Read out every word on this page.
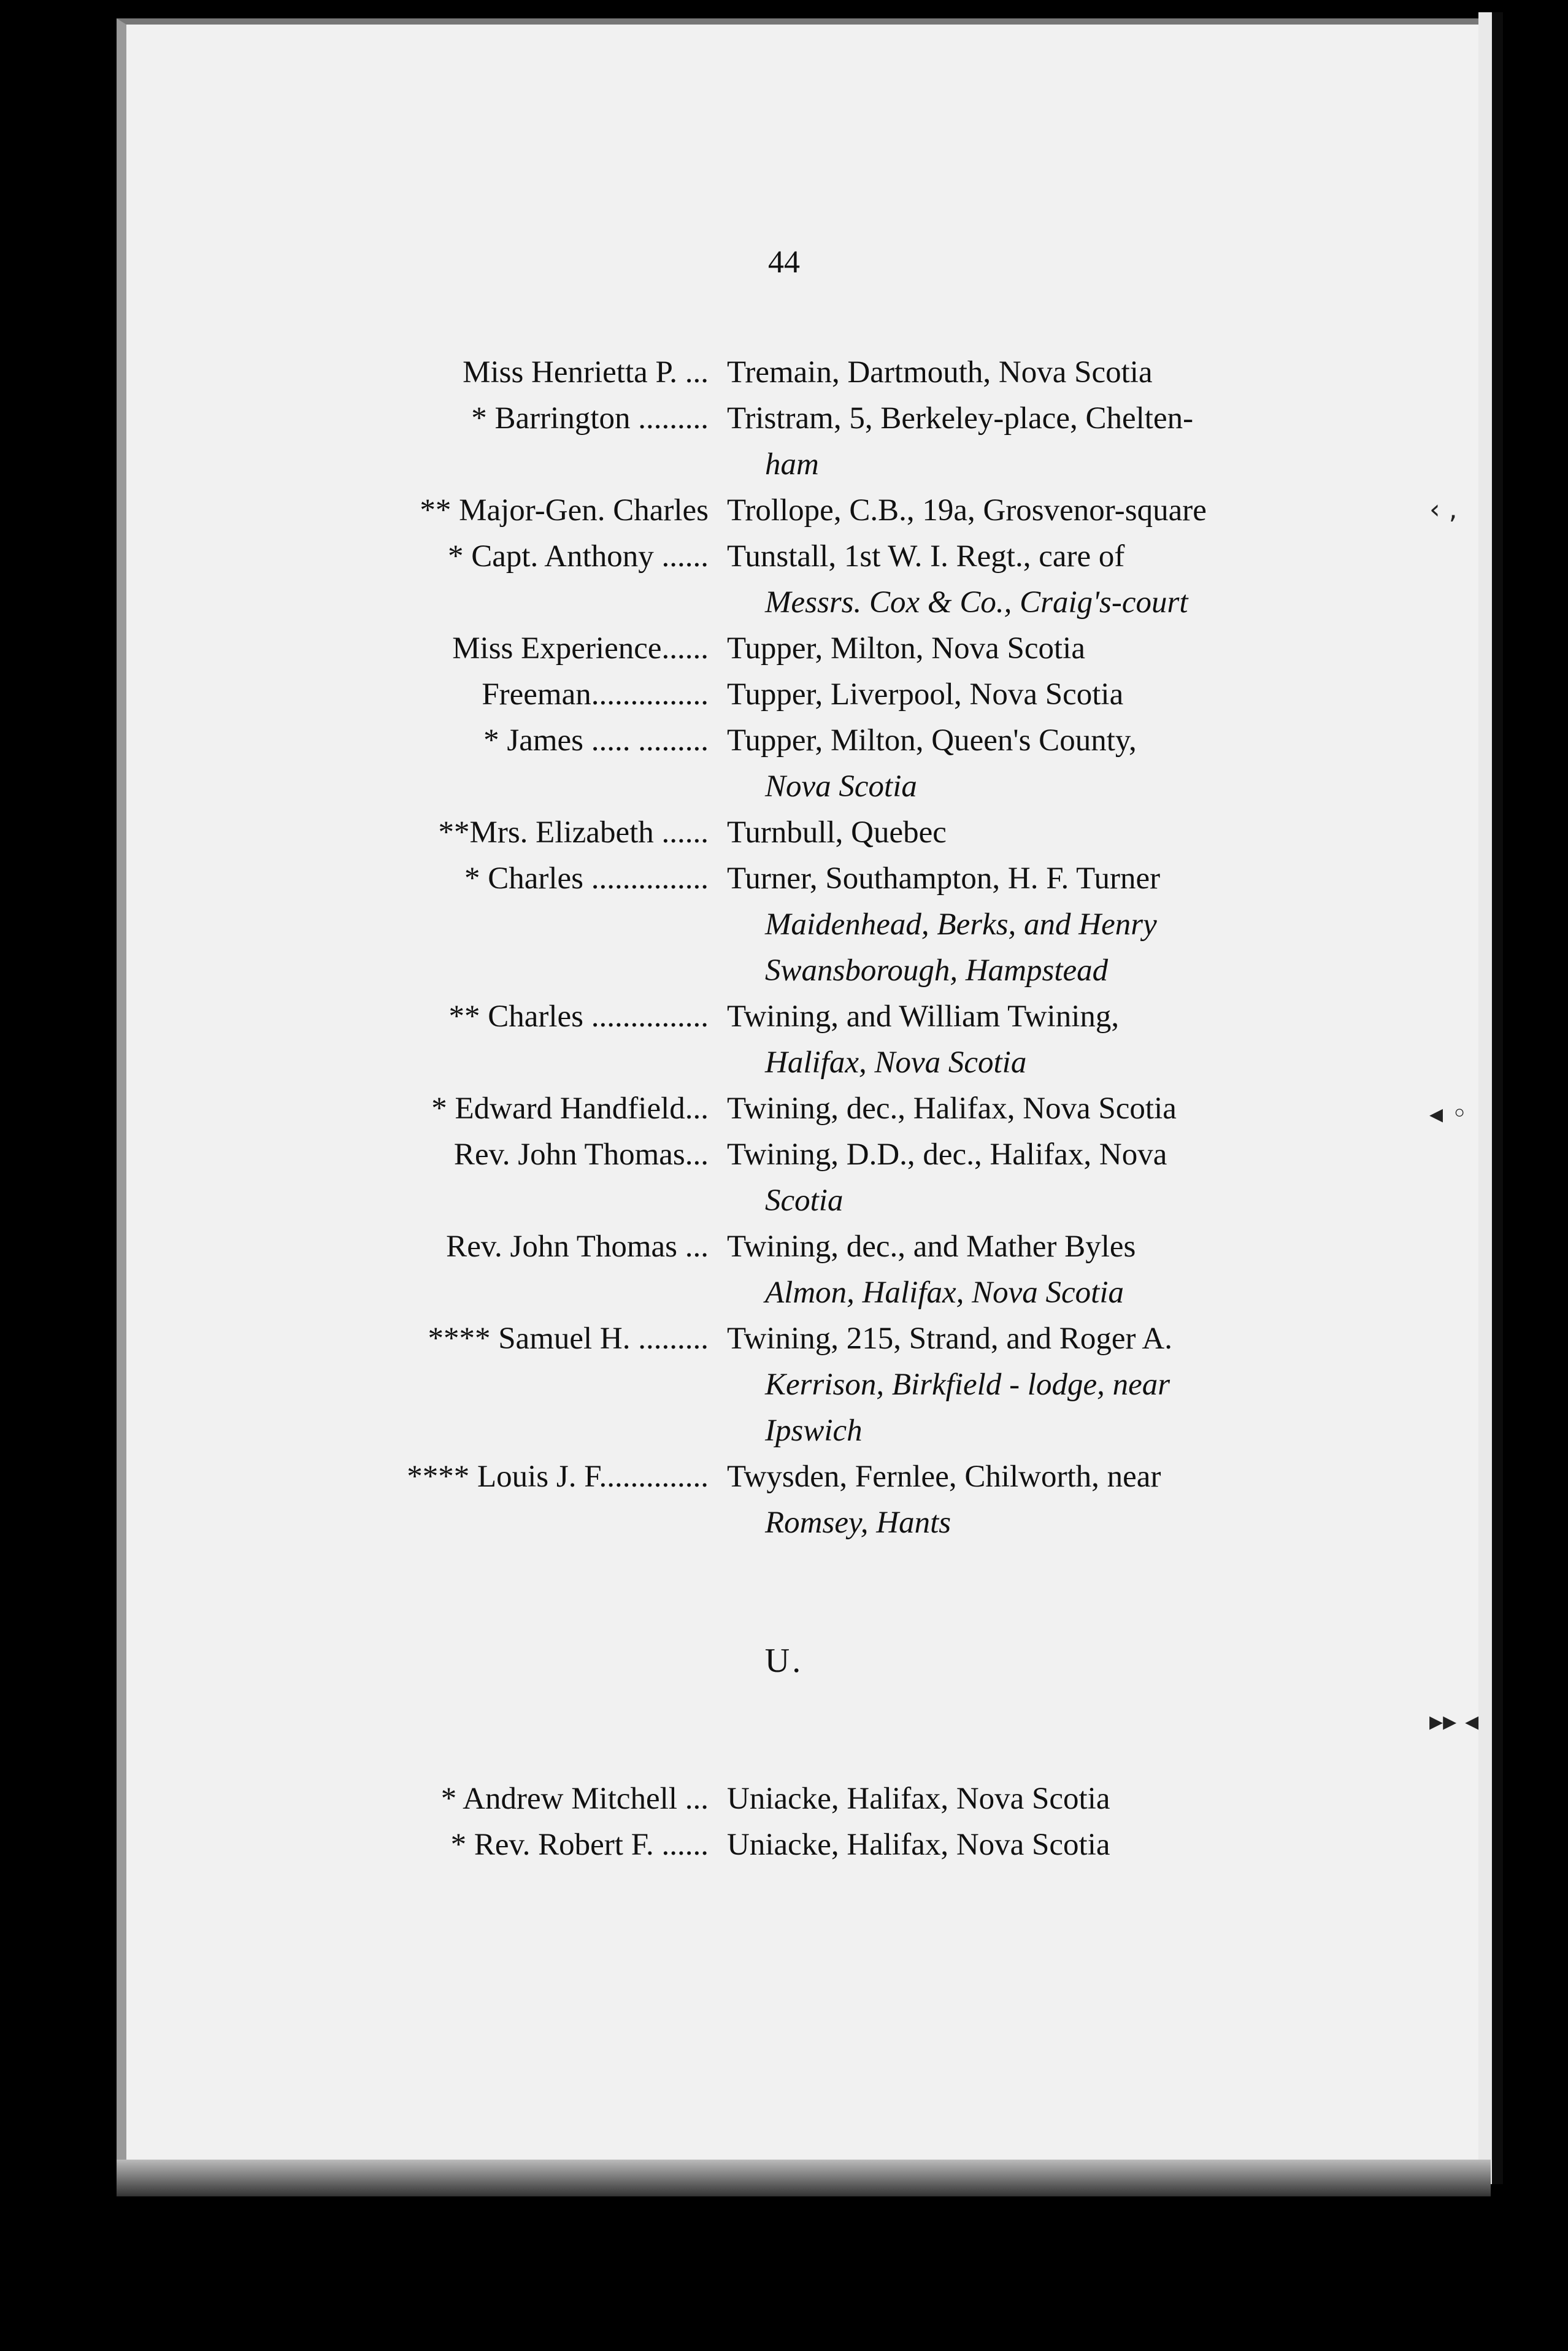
44
Miss Henrietta P. ... Tremain, Dartmouth, Nova Scotia
* Barrington ......... Tristram, 5, Berkeley-place, Chelten-
ham
** Major-Gen. Charles Trollope, C.B., 19a, Grosvenor-square
* Capt. Anthony ...... Tunstall, 1st W. I. Regt., care of
Messrs. Cox & Co., Craig's-court
Miss Experience...... Tupper, Milton, Nova Scotia
Freeman............... Tupper, Liverpool, Nova Scotia
* James ..... ......... Tupper, Milton, Queen's County,
Nova Scotia
**Mrs. Elizabeth ...... Turnbull, Quebec
* Charles ............... Turner, Southampton, H. F. Turner
Maidenhead, Berks, and Henry
Swansborough, Hampstead
** Charles ............... Twining, and William Twining,
Halifax, Nova Scotia
* Edward Handfield... Twining, dec., Halifax, Nova Scotia
Rev. John Thomas... Twining, D.D., dec., Halifax, Nova
Scotia
Rev. John Thomas ... Twining, dec., and Mather Byles
Almon, Halifax, Nova Scotia
**** Samuel H. ......... Twining, 215, Strand, and Roger A.
Kerrison, Birkfield - lodge, near
Ipswich
**** Louis J. F.............. Twysden, Fernlee, Chilworth, near
Romsey, Hants
U.
* Andrew Mitchell ... Uniacke, Halifax, Nova Scotia
* Rev. Robert F. ...... Uniacke, Halifax, Nova Scotia
‹ ,
◂ ◦
▸▸ ◂
